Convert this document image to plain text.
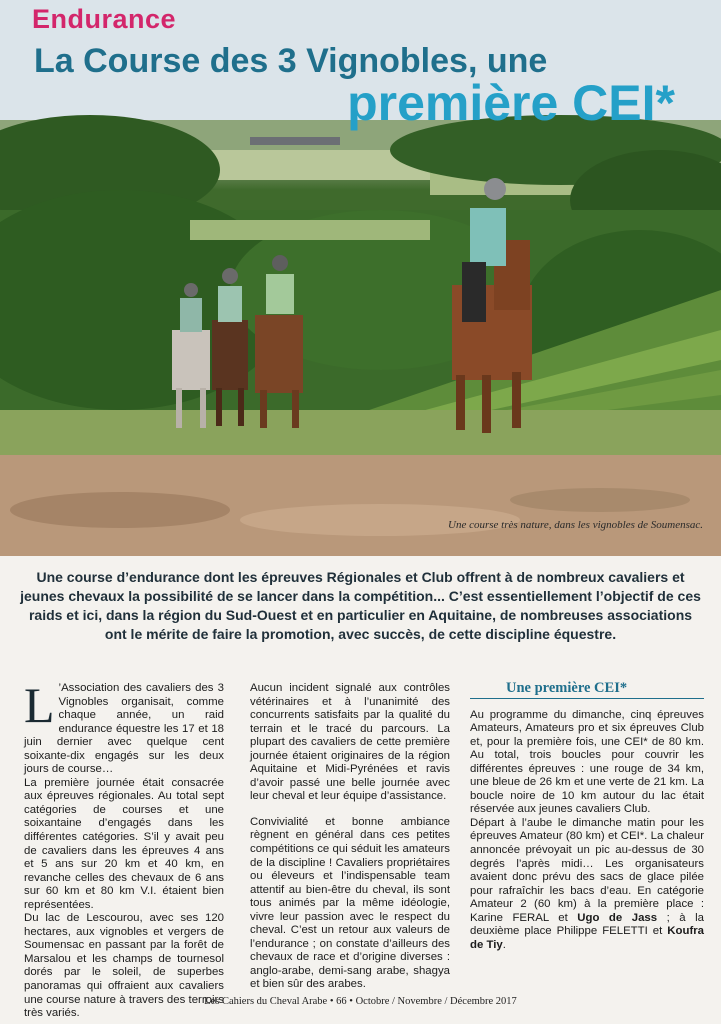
Endurance
La Course des 3 Vignobles, une
première CEI*

Une course très nature, dans les vignobles de Soumensac.

Une course d’endurance dont les épreuves Régionales et Club offrent à de nombreux cavaliers et jeunes chevaux la possibilité de se lancer dans la compétition... C’est essentiellement l’objectif de ces raids et ici, dans la région du Sud-Ouest et en particulier en Aquitaine, de nombreuses associations ont le mérite de faire la promotion, avec succès, de cette discipline équestre.

L ’Association des cavaliers des 3 Vignobles organisait, comme chaque année, un raid endurance équestre les 17 et 18 juin dernier avec quelque cent soixante-dix engagés sur les deux jours de course…

La première journée était consacrée aux épreuves régionales. Au total sept catégories de courses et une soixantaine d’engagés dans les différentes catégories. S’il y avait peu de cavaliers dans les épreuves 4 ans et 5 ans sur 20 km et 40 km, en revanche celles des chevaux de 6 ans sur 60 km et 80 km V.I. étaient bien représentées.

Du lac de Lescourou, avec ses 120 hectares, aux vignobles et vergers de Soumensac en passant par la forêt de Marsalou et les champs de tournesol dorés par le soleil, de superbes panoramas qui offraient aux cavaliers une course nature à travers des terroirs très variés.

Aucun incident signalé aux contrôles vétérinaires et à l’unanimité des concurrents satisfaits par la qualité du terrain et le tracé du parcours. La plupart des cavaliers de cette première journée étaient originaires de la région Aquitaine et Midi-Pyrénées et ravis d’avoir passé une belle journée avec leur cheval et leur équipe d’assistance.

Convivialité et bonne ambiance règnent en général dans ces petites compétitions ce qui séduit les amateurs de la discipline ! Cavaliers propriétaires ou éleveurs et l’indispensable team attentif au bien-être du cheval, ils sont tous animés par la même idéologie, vivre leur passion avec le respect du cheval. C’est un retour aux valeurs de l’endurance ; on constate d’ailleurs des chevaux de race et d’origine diverses : anglo-arabe, demi-sang arabe, shagya et bien sûr des arabes.

Une première CEI*

Au programme du dimanche, cinq épreuves Amateurs, Amateurs pro et six épreuves Club et, pour la première fois, une CEI* de 80 km. Au total, trois boucles pour couvrir les différentes épreuves : une rouge de 34 km, une bleue de 26 km et une verte de 21 km. La boucle noire de 10 km autour du lac était réservée aux jeunes cavaliers Club.

Départ à l’aube le dimanche matin pour les épreuves Amateur (80 km) et CEI*. La chaleur annoncée prévoyait un pic au-dessus de 30 degrés l’après midi… Les organisateurs avaient donc prévu des sacs de glace pilée pour rafraîchir les bacs d’eau. En catégorie Amateur 2 (60 km) à la première place : Karine FERAL et Ugo de Jass ; à la deuxième place Philippe FELETTI et Koufra de Tiy.

Les Cahiers du Cheval Arabe • 66 • Octobre / Novembre / Décembre 2017
